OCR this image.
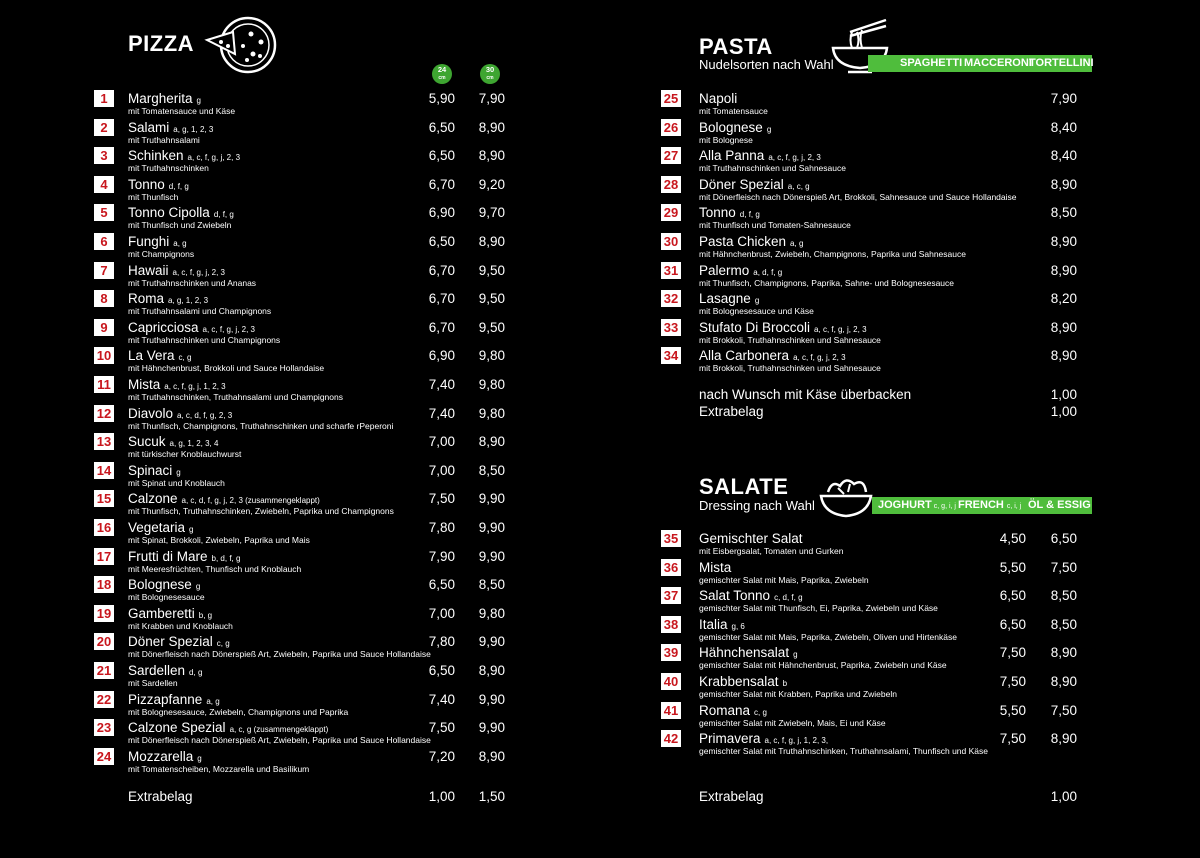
PIZZA
24
cm
30
cm
1	Margherita g
mit Tomatensauce und Käse
5,90	7,90
2	Salami a, g, 1, 2, 3
mit Truthahnsalami
6,50	8,90
3	Schinken a, c, f, g, j, 2, 3
mit Truthahnschinken
6,50	8,90
4	Tonno d, f, g
mit Thunfisch
6,70	9,20
5	Tonno Cipolla d, f, g
mit Thunfisch und Zwiebeln
6,90	9,70
6	Funghi a, g
mit Champignons
6,50	8,90
7	Hawaii a, c, f, g, j, 2, 3
mit Truthahnschinken und Ananas
6,70	9,50
8	Roma a, g, 1, 2, 3
mit Truthahnsalami und Champignons
6,70	9,50
9	Capricciosa a, c, f, g, j, 2, 3
mit Truthahnschinken und Champignons
6,70	9,50
10 La Vera c, g
mit Hähnchenbrust, Brokkoli und Sauce Hollandaise
6,90	9,80
11 Mista a, c, f, g, j, 1, 2, 3
mit Truthahnschinken, Truthahnsalami und Champignons
7,40	9,80
12 Diavolo a, c, d, f, g, 2, 3
mit Thunfisch, Champignons, Truthahnschinken und scharfe rPeperoni
7,40	9,80
13 Sucuk a, g, 1, 2, 3, 4
mit türkischer Knoblauchwurst
7,00	8,90
14 Spinaci g
mit Spinat und Knoblauch
7,00	8,50
15 Calzone a, c, d, f, g, j, 2, 3 (zusammengeklappt)
mit Thunfisch, Truthahnschinken, Zwiebeln, Paprika und Champignons
7,50	9,90
16 Vegetaria g
mit Spinat, Brokkoli, Zwiebeln, Paprika und Mais
7,80	9,90
17 Frutti di Mare b, d, f, g
mit Meeresfrüchten, Thunfisch und Knoblauch
7,90	9,90
18 Bolognese g
mit Bolognesesauce
6,50	8,50
19 Gamberetti b, g
mit Krabben und Knoblauch
7,00	9,80
20 Döner Spezial c, g
mit Dönerfleisch nach Dönerspieß Art, Zwiebeln, Paprika und Sauce Hollandaise
7,80	9,90
21 Sardellen d, g
mit Sardellen
6,50	8,90
22 Pizzapfanne a, g
mit Bolognesesauce, Zwiebeln, Champignons und Paprika
7,40	9,90
23 Calzone Spezial a, c, g (zusammengeklappt)
mit Dönerfleisch nach Dönerspieß Art, Zwiebeln, Paprika und Sauce Hollandaise
7,50	9,90
24 Mozzarella g
mit Tomatenscheiben, Mozzarella und Basilikum
7,20	8,90
Extrabelag	1,00	1,50
PASTA
Nudelsorten nach Wahl	SPAGHETTI MACCERONI
TORTELLINI
25 Napoli
mit Tomatensauce
7,90
26 Bolognese g
mit Bolognese
8,40
27 Alla Panna a, c, f, g, j, 2, 3
mit Truthahnschinken und Sahnesauce
8,40
28 Döner Spezial a, c, g
mit Dönerfleisch nach Dönerspieß Art, Brokkoli, Sahnesauce und Sauce Hollandaise
8,90
29 Tonno d, f, g
mit Thunfisch und Tomaten-Sahnesauce
8,50
30 Pasta Chicken a, g
mit Hähnchenbrust, Zwiebeln, Champignons, Paprika und Sahnesauce
8,90
31 Palermo a, d, f, g
mit Thunfisch, Champignons, Paprika, Sahne- und Bolognesesauce
8,90
32 Lasagne g
mit Bolognesesauce und Käse
8,20
33 Stufato Di Broccoli a, c, f, g, j, 2, 3
mit Brokkoli, Truthahnschinken und Sahnesauce
8,90
34 Alla Carbonera a, c, f, g, j, 2, 3
mit Brokkoli, Truthahnschinken und Sahnesauce
8,90
nach Wunsch mit Käse überbacken	1,00
Extrabelag	1,00
SALATE
Dressing nach Wahl	JOGHURT c, g, i, j FRENCH c, i, j ÖL & ESSIG
35 Gemischter Salat
mit Eisbergsalat, Tomaten und Gurken
4,50	6,50
36 Mista
gemischter Salat mit Mais, Paprika, Zwiebeln
5,50	7,50
37 Salat Tonno c, d, f, g
gemischter Salat mit Thunfisch, Ei, Paprika, Zwiebeln und Käse
6,50	8,50
38 Italia g, 6
gemischter Salat mit Mais, Paprika, Zwiebeln, Oliven und Hirtenkäse
6,50	8,50
39 Hähnchensalat g
gemischter Salat mit Hähnchenbrust, Paprika, Zwiebeln und Käse
7,50	8,90
40 Krabbensalat b
gemischter Salat mit Krabben, Paprika und Zwiebeln
7,50	8,90
41 Romana c, g
gemischter Salat mit Zwiebeln, Mais, Ei und Käse
5,50	7,50
42 Primavera a, c, f, g, j, 1, 2, 3,
gemischter Salat mit Truthahnschinken, Truthahnsalami, Thunfisch und Käse
7,50	8,90
Extrabelag	1,00
